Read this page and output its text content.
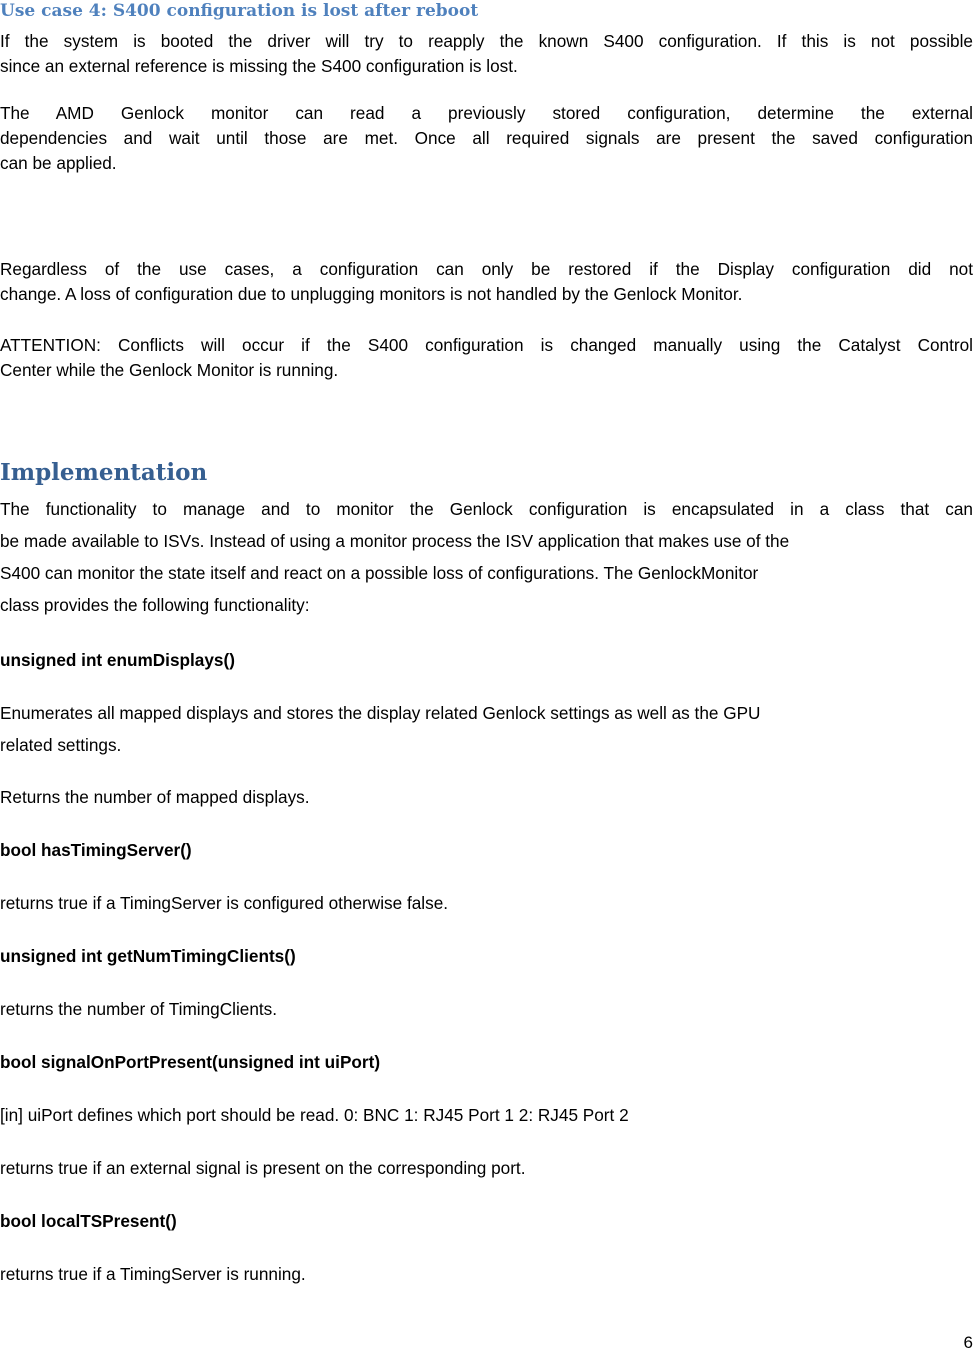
Use case 4: S400 configuration is lost after reboot
If the system is booted the driver will try to reapply the known S400 configuration. If this is not possible
since an external reference is missing the S400 configuration is lost.
The AMD Genlock monitor can read a previously stored configuration, determine the external
dependencies and wait until those are met. Once all required signals are present the saved configuration
can be applied.
Regardless of the use cases, a configuration can only be restored if the Display configuration did not
change. A loss of configuration due to unplugging monitors is not handled by the Genlock Monitor.
ATTENTION: Conflicts will occur if the S400 configuration is changed manually using the Catalyst Control
Center while the Genlock Monitor is running.
Implementation
The functionality to manage and to monitor the Genlock configuration is encapsulated in a class that can
be made available to ISVs. Instead of using a monitor process the ISV application that makes use of the
S400 can monitor the state itself and react on a possible loss of configurations. The GenlockMonitor
class provides the following functionality:
unsigned int enumDisplays()
Enumerates all mapped displays and stores the display related Genlock settings as well as the GPU
related settings.
Returns the number of mapped displays.
bool hasTimingServer()
returns true if a TimingServer is configured otherwise false.
unsigned int getNumTimingClients()
returns the number of TimingClients.
bool signalOnPortPresent(unsigned int uiPort)
[in] uiPort defines which port should be read. 0: BNC 1: RJ45 Port 1 2: RJ45 Port 2
returns true if an external signal is present on the corresponding port.
bool localTSPresent()
returns true if a TimingServer is running.
6
